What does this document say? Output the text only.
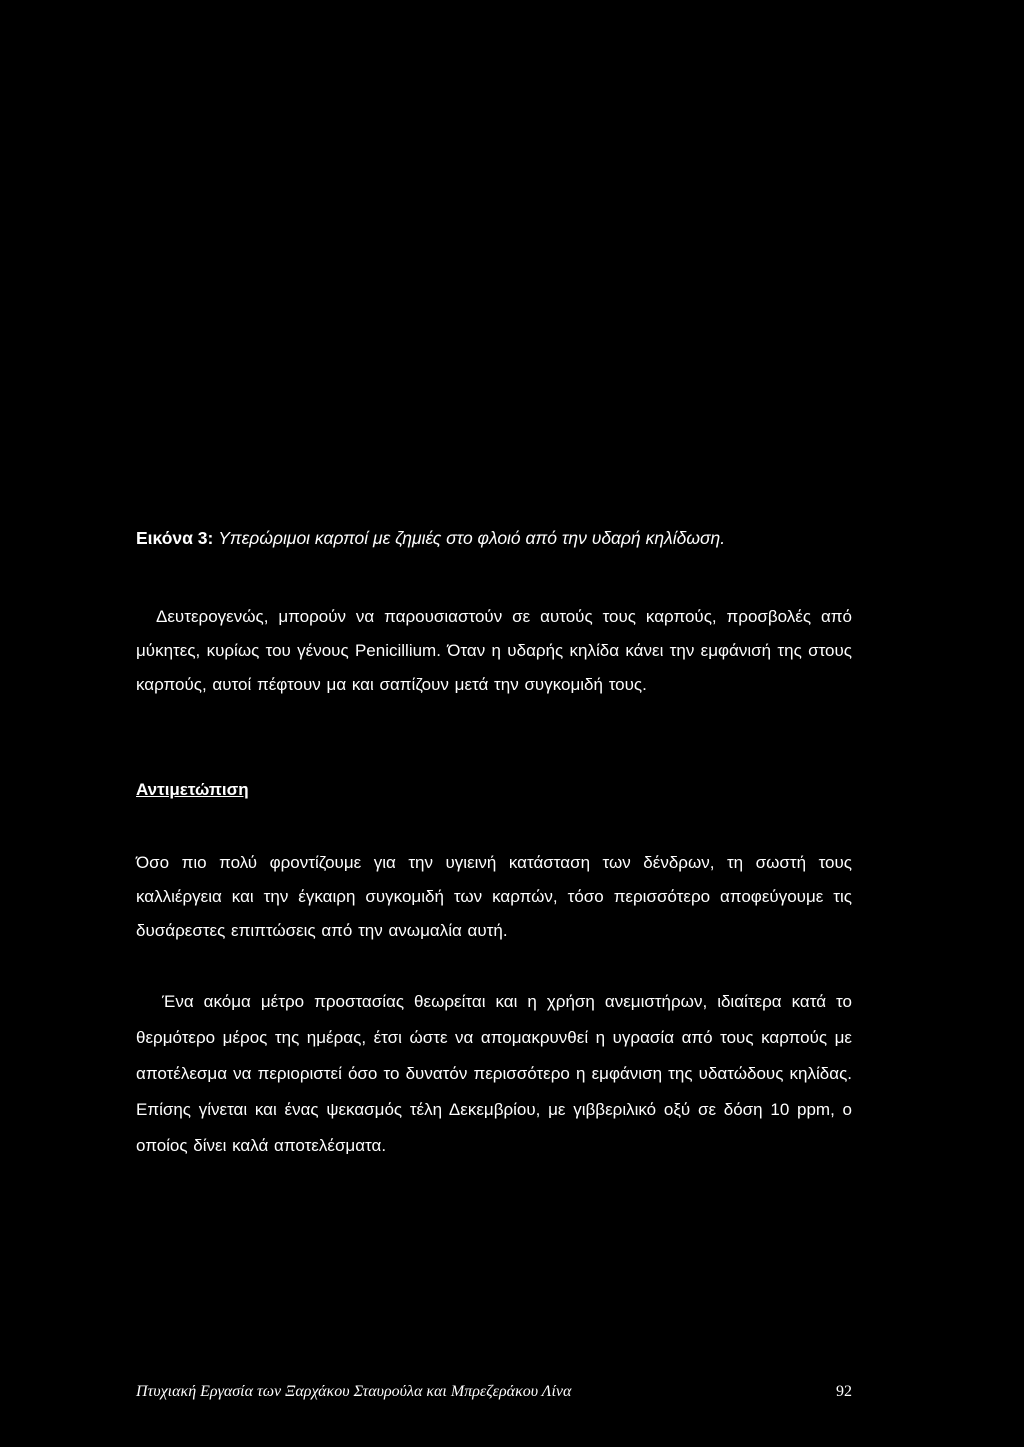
Εικόνα 3: Υπερώριμοι καρποί με ζημιές στο φλοιό από την υδαρή κηλίδωση.
Δευτερογενώς, μπορούν να παρουσιαστούν σε αυτούς τους καρπούς, προσβολές από μύκητες, κυρίως του γένους Penicillium. Όταν η υδαρής κηλίδα κάνει την εμφάνισή της στους καρπούς, αυτοί πέφτουν μα και σαπίζουν μετά την συγκομιδή τους.
Αντιμετώπιση
Όσο πιο πολύ φροντίζουμε για την υγιεινή κατάσταση των δένδρων, τη σωστή τους καλλιέργεια και την έγκαιρη συγκομιδή των καρπών, τόσο περισσότερο αποφεύγουμε τις δυσάρεστες επιπτώσεις από την ανωμαλία αυτή.
Ένα ακόμα μέτρο προστασίας θεωρείται και η χρήση ανεμιστήρων, ιδιαίτερα κατά το θερμότερο μέρος της ημέρας, έτσι ώστε να απομακρυνθεί η υγρασία από τους καρπούς με αποτέλεσμα να περιοριστεί όσο το δυνατόν περισσότερο η εμφάνιση της υδατώδους κηλίδας. Επίσης γίνεται και ένας ψεκασμός τέλη Δεκεμβρίου, με γιββεριλικό οξύ σε δόση 10 ppm, ο οποίος δίνει καλά αποτελέσματα.
Πτυχιακή Εργασία των Ξαρχάκου Σταυρούλα και Μπρεζεράκου Λίνα	92
